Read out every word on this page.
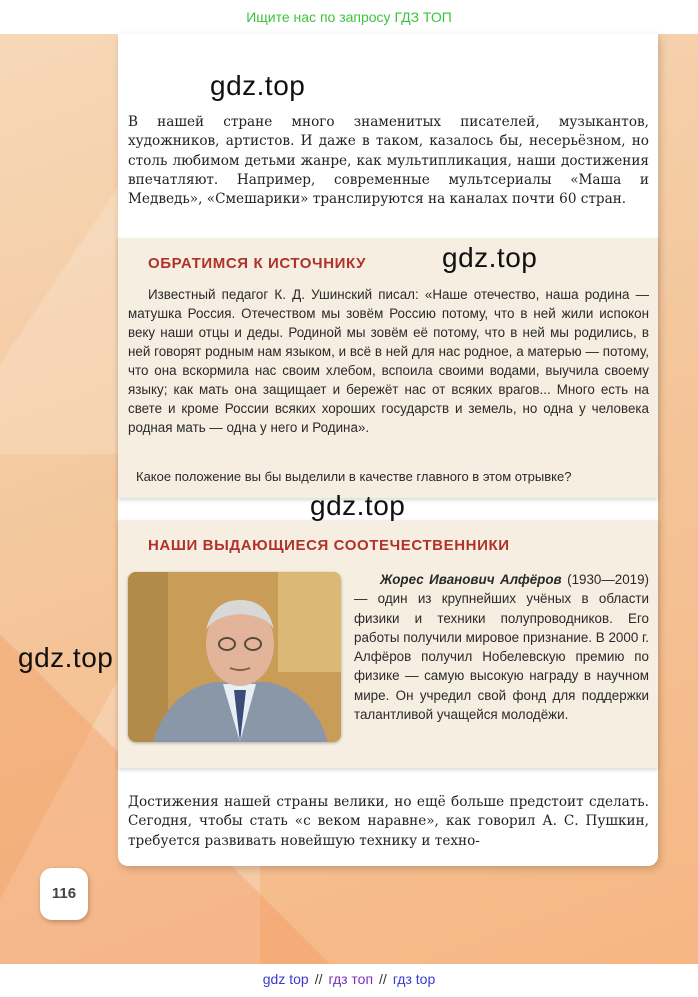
Ищите нас по запросу ГДЗ ТОП
gdz.top
В нашей стране много знаменитых писателей, музыкантов, художников, артистов. И даже в таком, казалось бы, несерьёзном, но столь любимом детьми жанре, как мультипликация, наши достижения впечатляют. Например, современные мультсериалы «Маша и Медведь», «Смешарики» транслируются на каналах почти 60 стран.
ОБРАТИМСЯ К ИСТОЧНИКУ
Известный педагог К. Д. Ушинский писал: «Наше отечество, наша родина — матушка Россия. Отечеством мы зовём Россию потому, что в ней жили испокон веку наши отцы и деды. Родиной мы зовём её потому, что в ней мы родились, в ней говорят родным нам языком, и всё в ней для нас родное, а матерью — потому, что она вскормила нас своим хлебом, вспоила своими водами, выучила своему языку; как мать она защищает и бережёт нас от всяких врагов... Много есть на свете и кроме России всяких хороших государств и земель, но одна у человека родная мать — одна у него и Родина».
Какое положение вы бы выделили в качестве главного в этом отрывке?
gdz.top
НАШИ ВЫДАЮЩИЕСЯ СООТЕЧЕСТВЕННИКИ
gdz.top
Жорес Иванович Алфёров (1930—2019) — один из крупнейших учёных в области физики и техники полупроводников. Его работы получили мировое признание. В 2000 г. Алфёров получил Нобелевскую премию по физике — самую высокую награду в научном мире. Он учредил свой фонд для поддержки талантливой учащейся молодёжи.
gdz.top
Достижения нашей страны велики, но ещё больше предстоит сделать. Сегодня, чтобы стать «с веком наравне», как говорил А. С. Пушкин, требуется развивать новейшую технику и техно-
116
gdz top // гдз топ // гдз top
